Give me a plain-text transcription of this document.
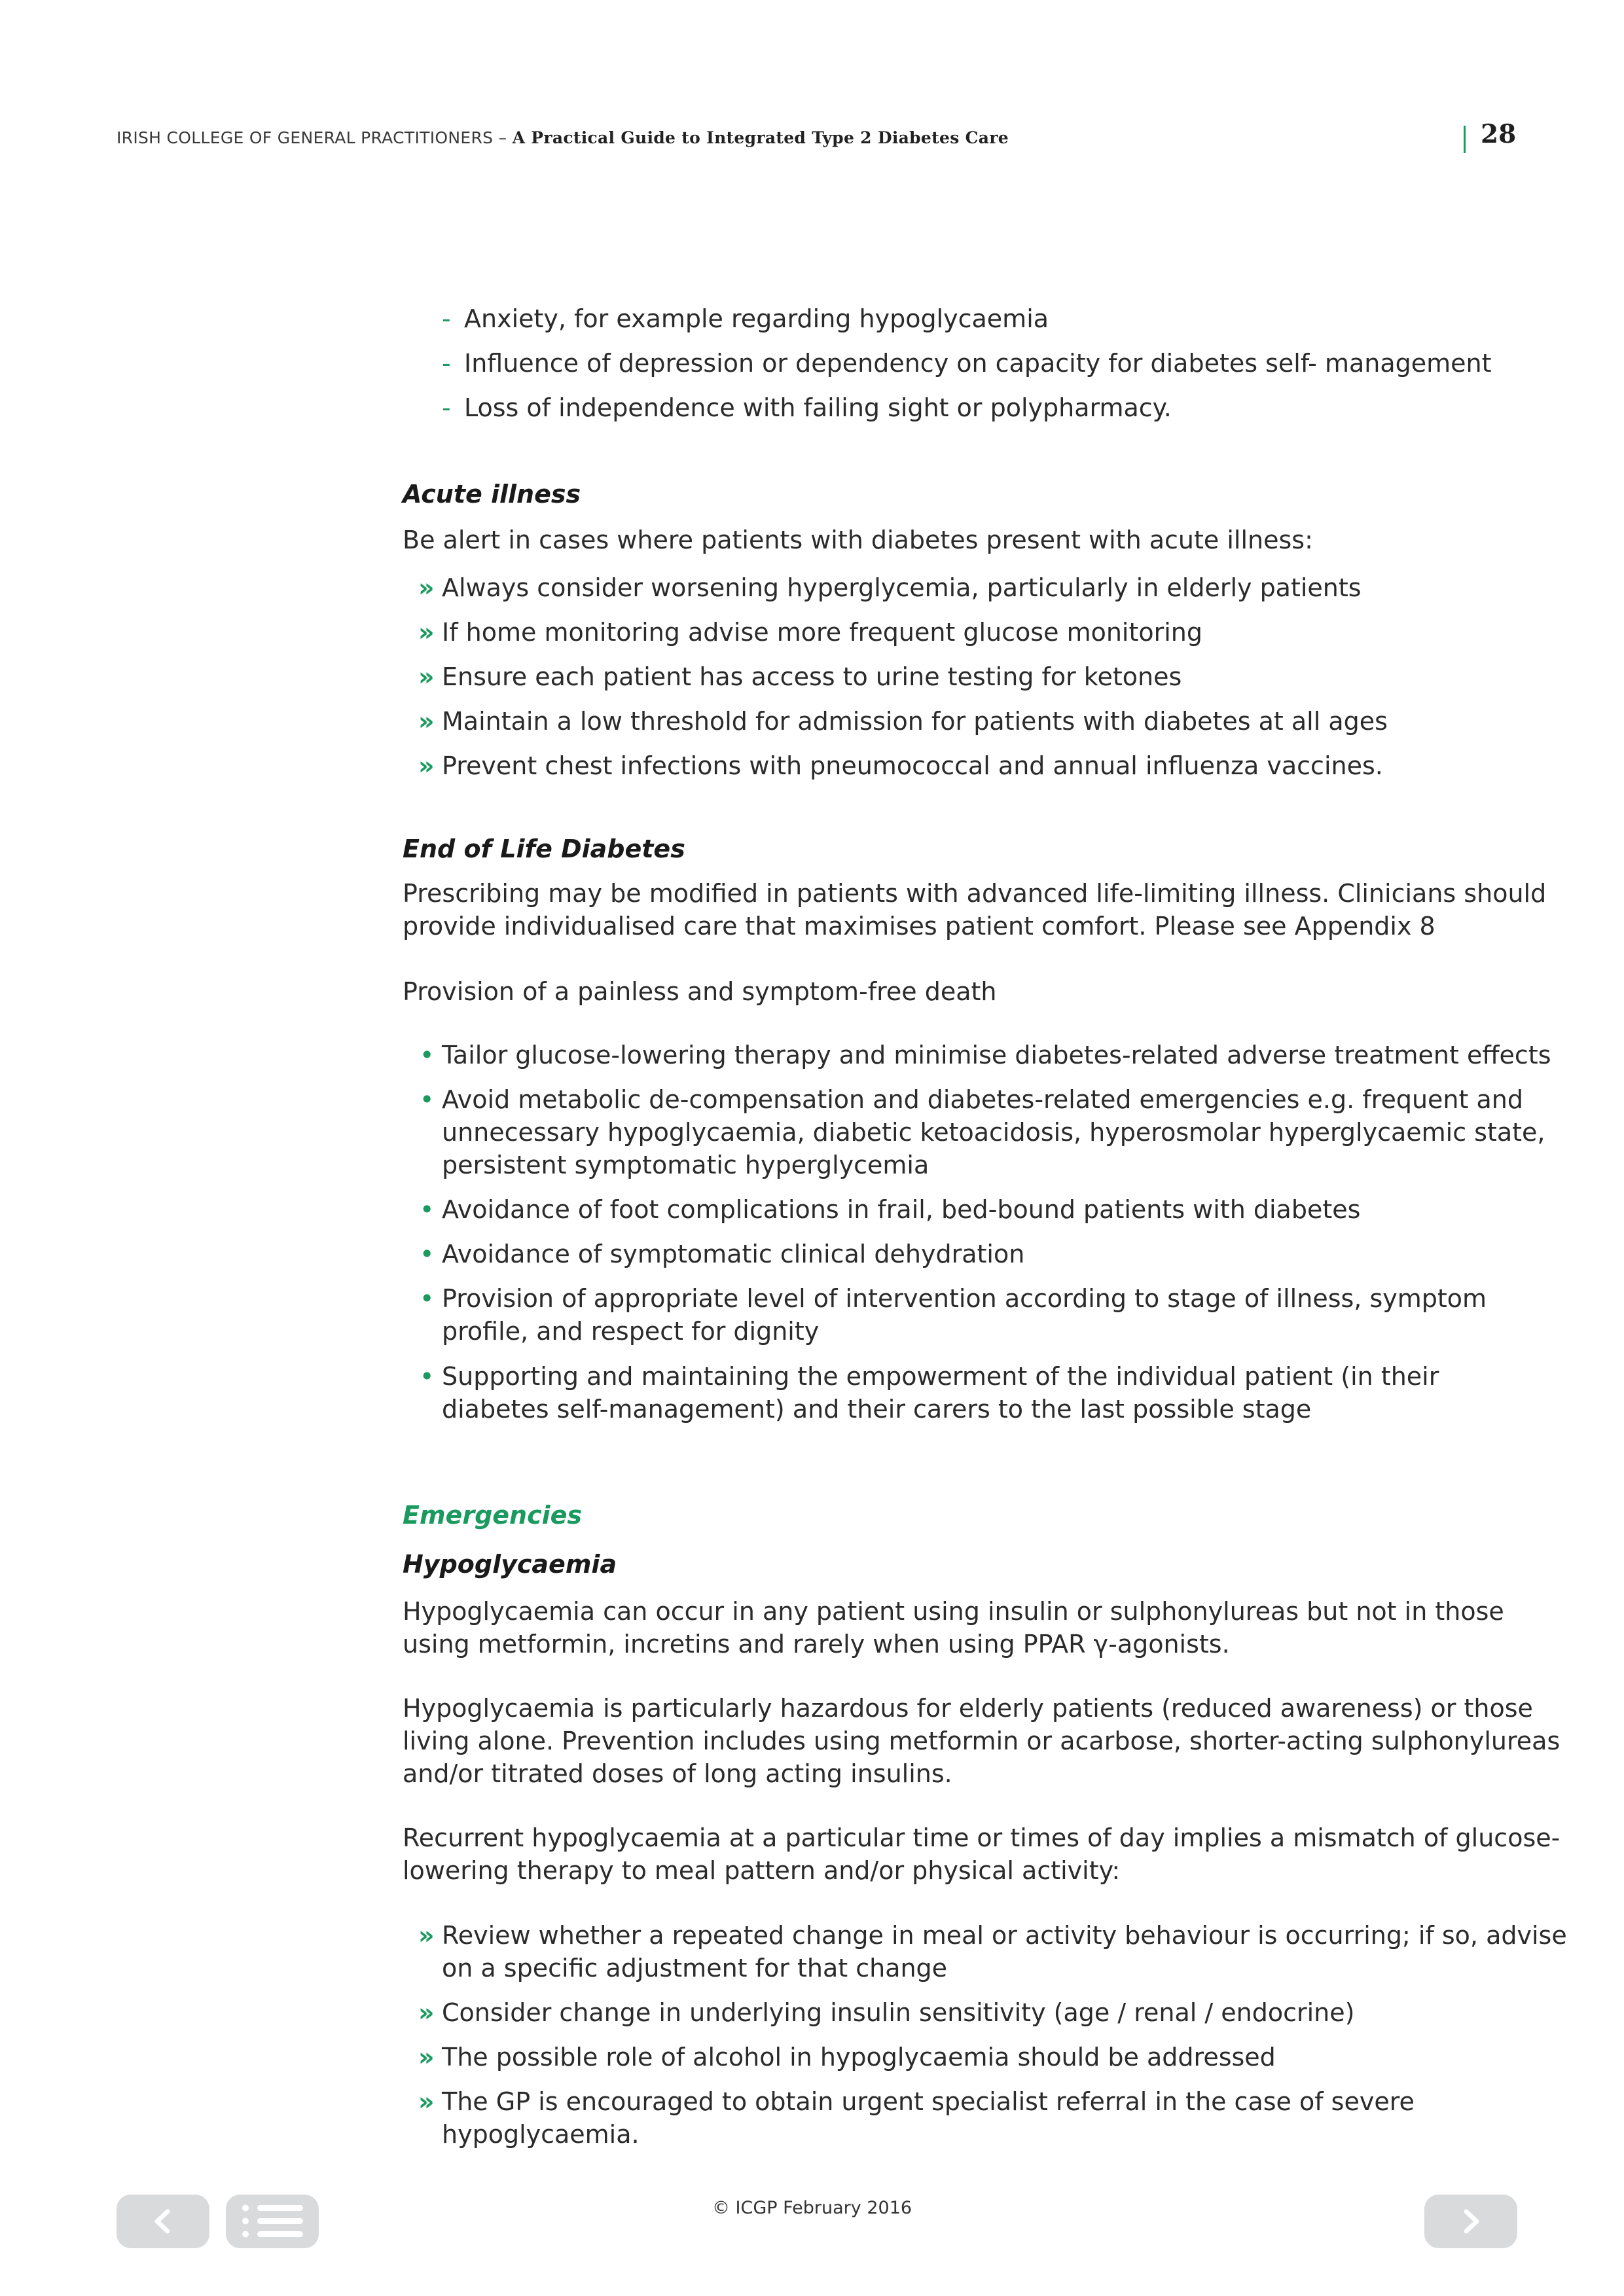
IRISH COLLEGE OF GENERAL PRACTITIONERS – A Practical Guide to Integrated Type 2 Diabetes Care	28
- Anxiety, for example regarding hypoglycaemia
- Influence of depression or dependency on capacity for diabetes self- management
- Loss of independence with failing sight or polypharmacy.
Acute illness
Be alert in cases where patients with diabetes present with acute illness:
» Always consider worsening hyperglycemia, particularly in elderly patients
» If home monitoring advise more frequent glucose monitoring
» Ensure each patient has access to urine testing for ketones
» Maintain a low threshold for admission for patients with diabetes at all ages
» Prevent chest infections with pneumococcal and annual influenza vaccines.
End of Life Diabetes
Prescribing may be modified in patients with advanced life-limiting illness. Clinicians should
provide individualised care that maximises patient comfort. Please see Appendix 8
Provision of a painless and symptom-free death
• Tailor glucose-lowering therapy and minimise diabetes-related adverse treatment effects
• Avoid metabolic de-compensation and diabetes-related emergencies e.g. frequent and
unnecessary hypoglycaemia, diabetic ketoacidosis, hyperosmolar hyperglycaemic state,
persistent symptomatic hyperglycemia
• Avoidance of foot complications in frail, bed-bound patients with diabetes
• Avoidance of symptomatic clinical dehydration
• Provision of appropriate level of intervention according to stage of illness, symptom
profile, and respect for dignity
• Supporting and maintaining the empowerment of the individual patient (in their
diabetes self-management) and their carers to the last possible stage
Emergencies
Hypoglycaemia
Hypoglycaemia can occur in any patient using insulin or sulphonylureas but not in those
using metformin, incretins and rarely when using PPAR γ-agonists.
Hypoglycaemia is particularly hazardous for elderly patients (reduced awareness) or those
living alone. Prevention includes using metformin or acarbose, shorter-acting sulphonylureas
and/or titrated doses of long acting insulins.
Recurrent hypoglycaemia at a particular time or times of day implies a mismatch of glucose-
lowering therapy to meal pattern and/or physical activity:
» Review whether a repeated change in meal or activity behaviour is occurring; if so, advise
on a specific adjustment for that change
» Consider change in underlying insulin sensitivity (age / renal / endocrine)
» The possible role of alcohol in hypoglycaemia should be addressed
» The GP is encouraged to obtain urgent specialist referral in the case of severe
hypoglycaemia.
© ICGP February 2016
